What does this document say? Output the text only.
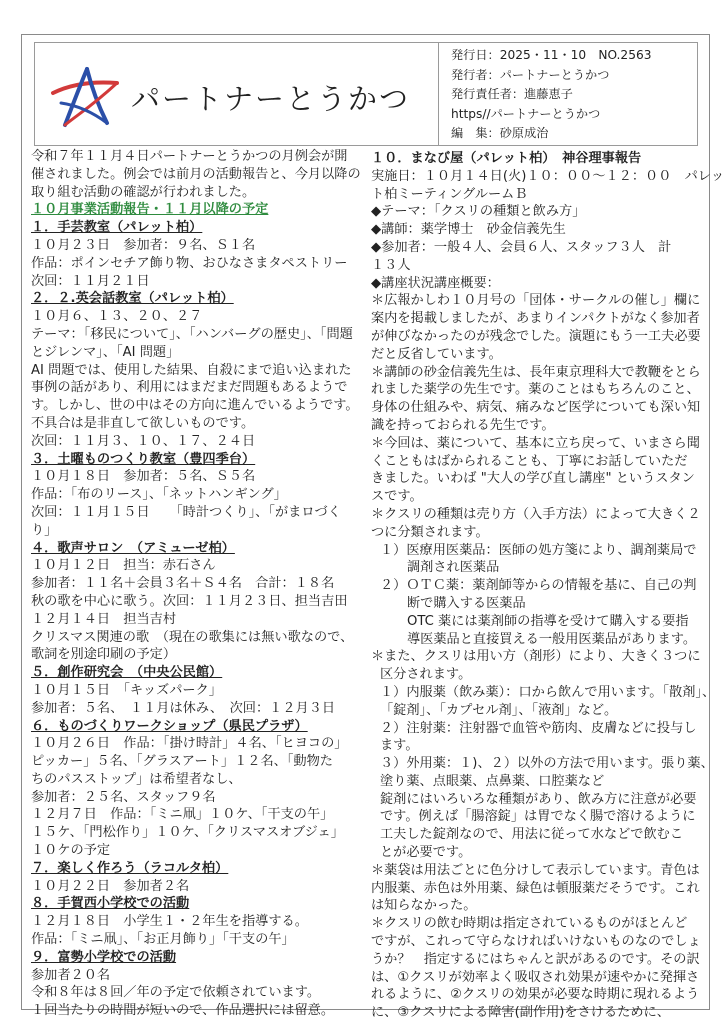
パートナーとうかつ
発行日：2025・11・10　NO.2563
発行者：パートナーとうかつ
発行責任者：進藤恵子
https//パートナーとうかつ
編　集：砂原成治
令和７年１１月４日パートナーとうかつの月例会が開
催されました。例会では前月の活動報告と、今月以降の
取り組む活動の確認が行われました。
１０月事業活動報告・１１月以降の予定
１．手芸教室（パレット柏）
１０月２３日　参加者：９名、Ｓ１名
作品：ポインセチア飾り物、おひなさまタペストリー
次回：１１月２１日
２．２.英会話教室（パレット柏）
１０月６、１３、２０、２７
テーマ：「移民について」、「ハンバーグの歴史」、「問題
とジレンマ」、「AI 問題」
AI 問題では、使用した結果、自殺にまで追い込まれた
事例の話があり、利用にはまだまだ問題もあるようで
す。しかし、世の中はその方向に進んでいるようです。
不具合は是非直して欲しいものです。
次回：１１月３、１０、１７、２４日
３．土曜ものつくり教室（豊四季台）
１０月１８日　参加者：５名、Ｓ５名
作品：「布のリース」、「ネットハンギング」
次回：１１月１５日　　「時計つくり」、「がまロづく
り」
４．歌声サロン　（アミューゼ柏）
１０月１２日　担当：赤石さん
参加者：１１名＋会員３名＋Ｓ４名　合計：１８名
秋の歌を中心に歌う。次回：１１月２３日、担当吉田
１２月１４日　担当吉村
クリスマス関連の歌　（現在の歌集には無い歌なので、
歌詞を別途印刷の予定）
５．創作研究会　（中央公民館）
１０月１５日　「キッズパーク」
参加者：５名、　１１月は休み、　次回：１２月３日
６．ものづくりワークショップ（県民プラザ）
１０月２６日　作品：「掛け時計」４名、「ヒヨコの」
ピッカー」５名、「グラスアート」１２名、「動物た
ちのパスストップ」は希望者なし、
参加者：２５名、スタッフ９名
１２月７日　作品：「ミニ凧」１０ケ、「干支の午」
１５ケ、「門松作り」１０ケ、「クリスマスオブジェ」
１０ケの予定
７．楽しく作ろう（ラコルタ柏）
１０月２２日　参加者２名
８．手賀西小学校での活動
１２月１８日　小学生１・２年生を指導する。
作品：「ミニ凧」、「お正月飾り」「干支の午」
９．富勢小学校での活動
参加者２０名
令和８年は８回／年の予定で依頼されています。
１回当たりの時間が短いので、作品選択には留意。
１０．まなび屋（パレット柏）　神谷理事報告
実施日：１０月１４日(火)１０：００～１２：００　パレッ
ト柏ミーティングルームＢ
◆テーマ：「クスリの種類と飲み方」
◆講師：薬学博士　砂金信義先生
◆参加者：一般４人、会員６人、スタッフ３人　計
１３人
◆講座状況講座概要：
＊広報かしわ１０月号の「団体・サークルの催し」欄に
案内を掲載しましたが、あまりインパクトがなく参加者
が伸びなかったのが残念でした。演題にもう一工夫必要
だと反省しています。
＊講師の砂金信義先生は、長年東京理科大で教鞭をとら
れました薬学の先生です。薬のことはもちろんのこと、
身体の仕組みや、病気、痛みなど医学についても深い知
識を持っておられる先生です。
＊今回は、薬について、基本に立ち戻って、いまさら聞
くこともはばかられることも、丁寧にお話していただ
きました。いわば "大人の学び直し講座" というスタン
スです。
＊クスリの種類は売り方（入手方法）によって大きく２
つに分類されます。
１）医療用医薬品：医師の処方箋により、調剤薬局で
調剤され医薬品
２）ＯＴＣ薬：薬剤師等からの情報を基に、自己の判
断で購入する医薬品
OTC 薬には薬剤師の指導を受けて購入する要指
導医薬品と直接買える一般用医薬品があります。
＊また、クスリは用い方（剤形）により、大きく３つに
区分されます。
１）内服薬（飲み薬）：口から飲んで用います。「散剤」、
「錠剤」、「カプセル剤」、「液剤」など。
２）注射薬：注射器で血管や筋肉、皮膚などに投与し
ます。
３）外用薬：１)、２）以外の方法で用います。張り薬、
塗り薬、点眼薬、点鼻薬、口腔薬など
錠剤にはいろいろな種類があり、飲み方に注意が必要
です。例えば「腸溶錠」は胃でなく腸で溶けるように
工夫した錠剤なので、用法に従って水などで飲むこ
とが必要です。
＊薬袋は用法ごとに色分けして表示しています。青色は
内服薬、赤色は外用薬、緑色は頓服薬だそうです。これ
は知らなかった。
＊クスリの飲む時期は指定されているものがほとんど
ですが、これって守らなければいけないものなのでしょ
うか？　指定するにはちゃんと訳があるのです。その訳
は、①クスリが効率よく吸収され効果が速やかに発揮さ
れるように、②クスリの効果が必要な時期に現れるよう
に、③クスリによる障害(副作用)をさけるために、
